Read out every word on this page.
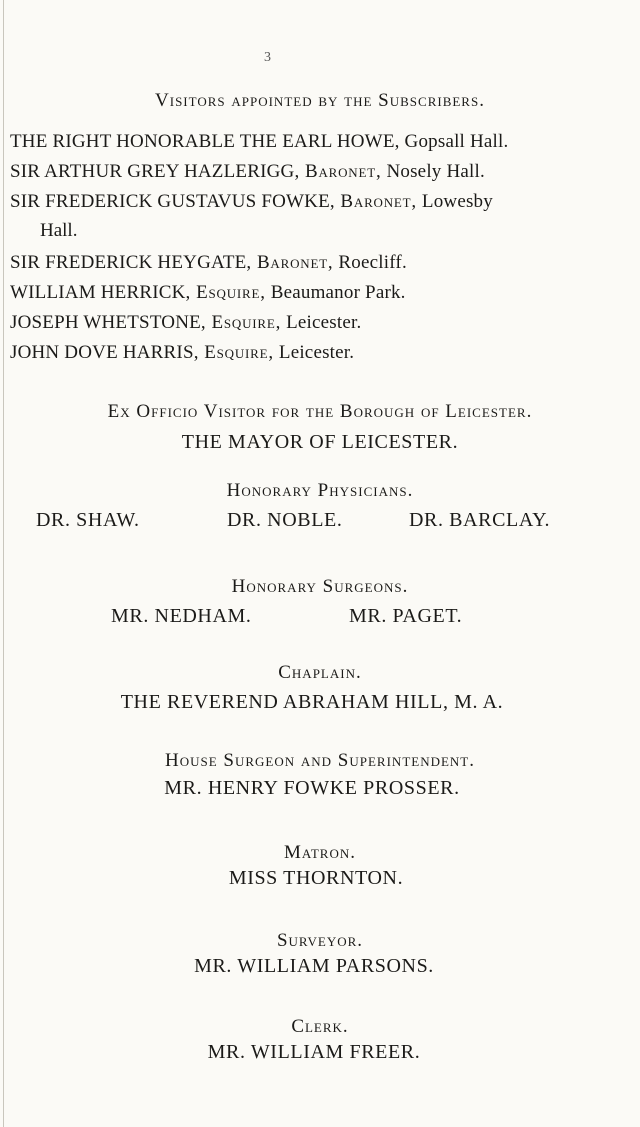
3
Visitors appointed by the Subscribers.
THE RIGHT HONORABLE THE EARL HOWE, Gopsall Hall.
SIR ARTHUR GREY HAZLERIGG, Baronet, Nosely Hall.
SIR FREDERICK GUSTAVUS FOWKE, Baronet, Lowesby
Hall.
SIR FREDERICK HEYGATE, Baronet, Roecliff.
WILLIAM HERRICK, Esquire, Beaumanor Park.
JOSEPH WHETSTONE, Esquire, Leicester.
JOHN DOVE HARRIS, Esquire, Leicester.
Ex Officio Visitor for the Borough of Leicester.
THE MAYOR OF LEICESTER.
Honorary Physicians.
DR. SHAW.	DR. NOBLE.	DR. BARCLAY.
Honorary Surgeons.
MR. NEDHAM.	MR. PAGET.
Chaplain.
THE REVEREND ABRAHAM HILL, M. A.
House Surgeon and Superintendent.
MR. HENRY FOWKE PROSSER.
Matron.
MISS THORNTON.
Surveyor.
MR. WILLIAM PARSONS.
Clerk.
MR. WILLIAM FREER.
